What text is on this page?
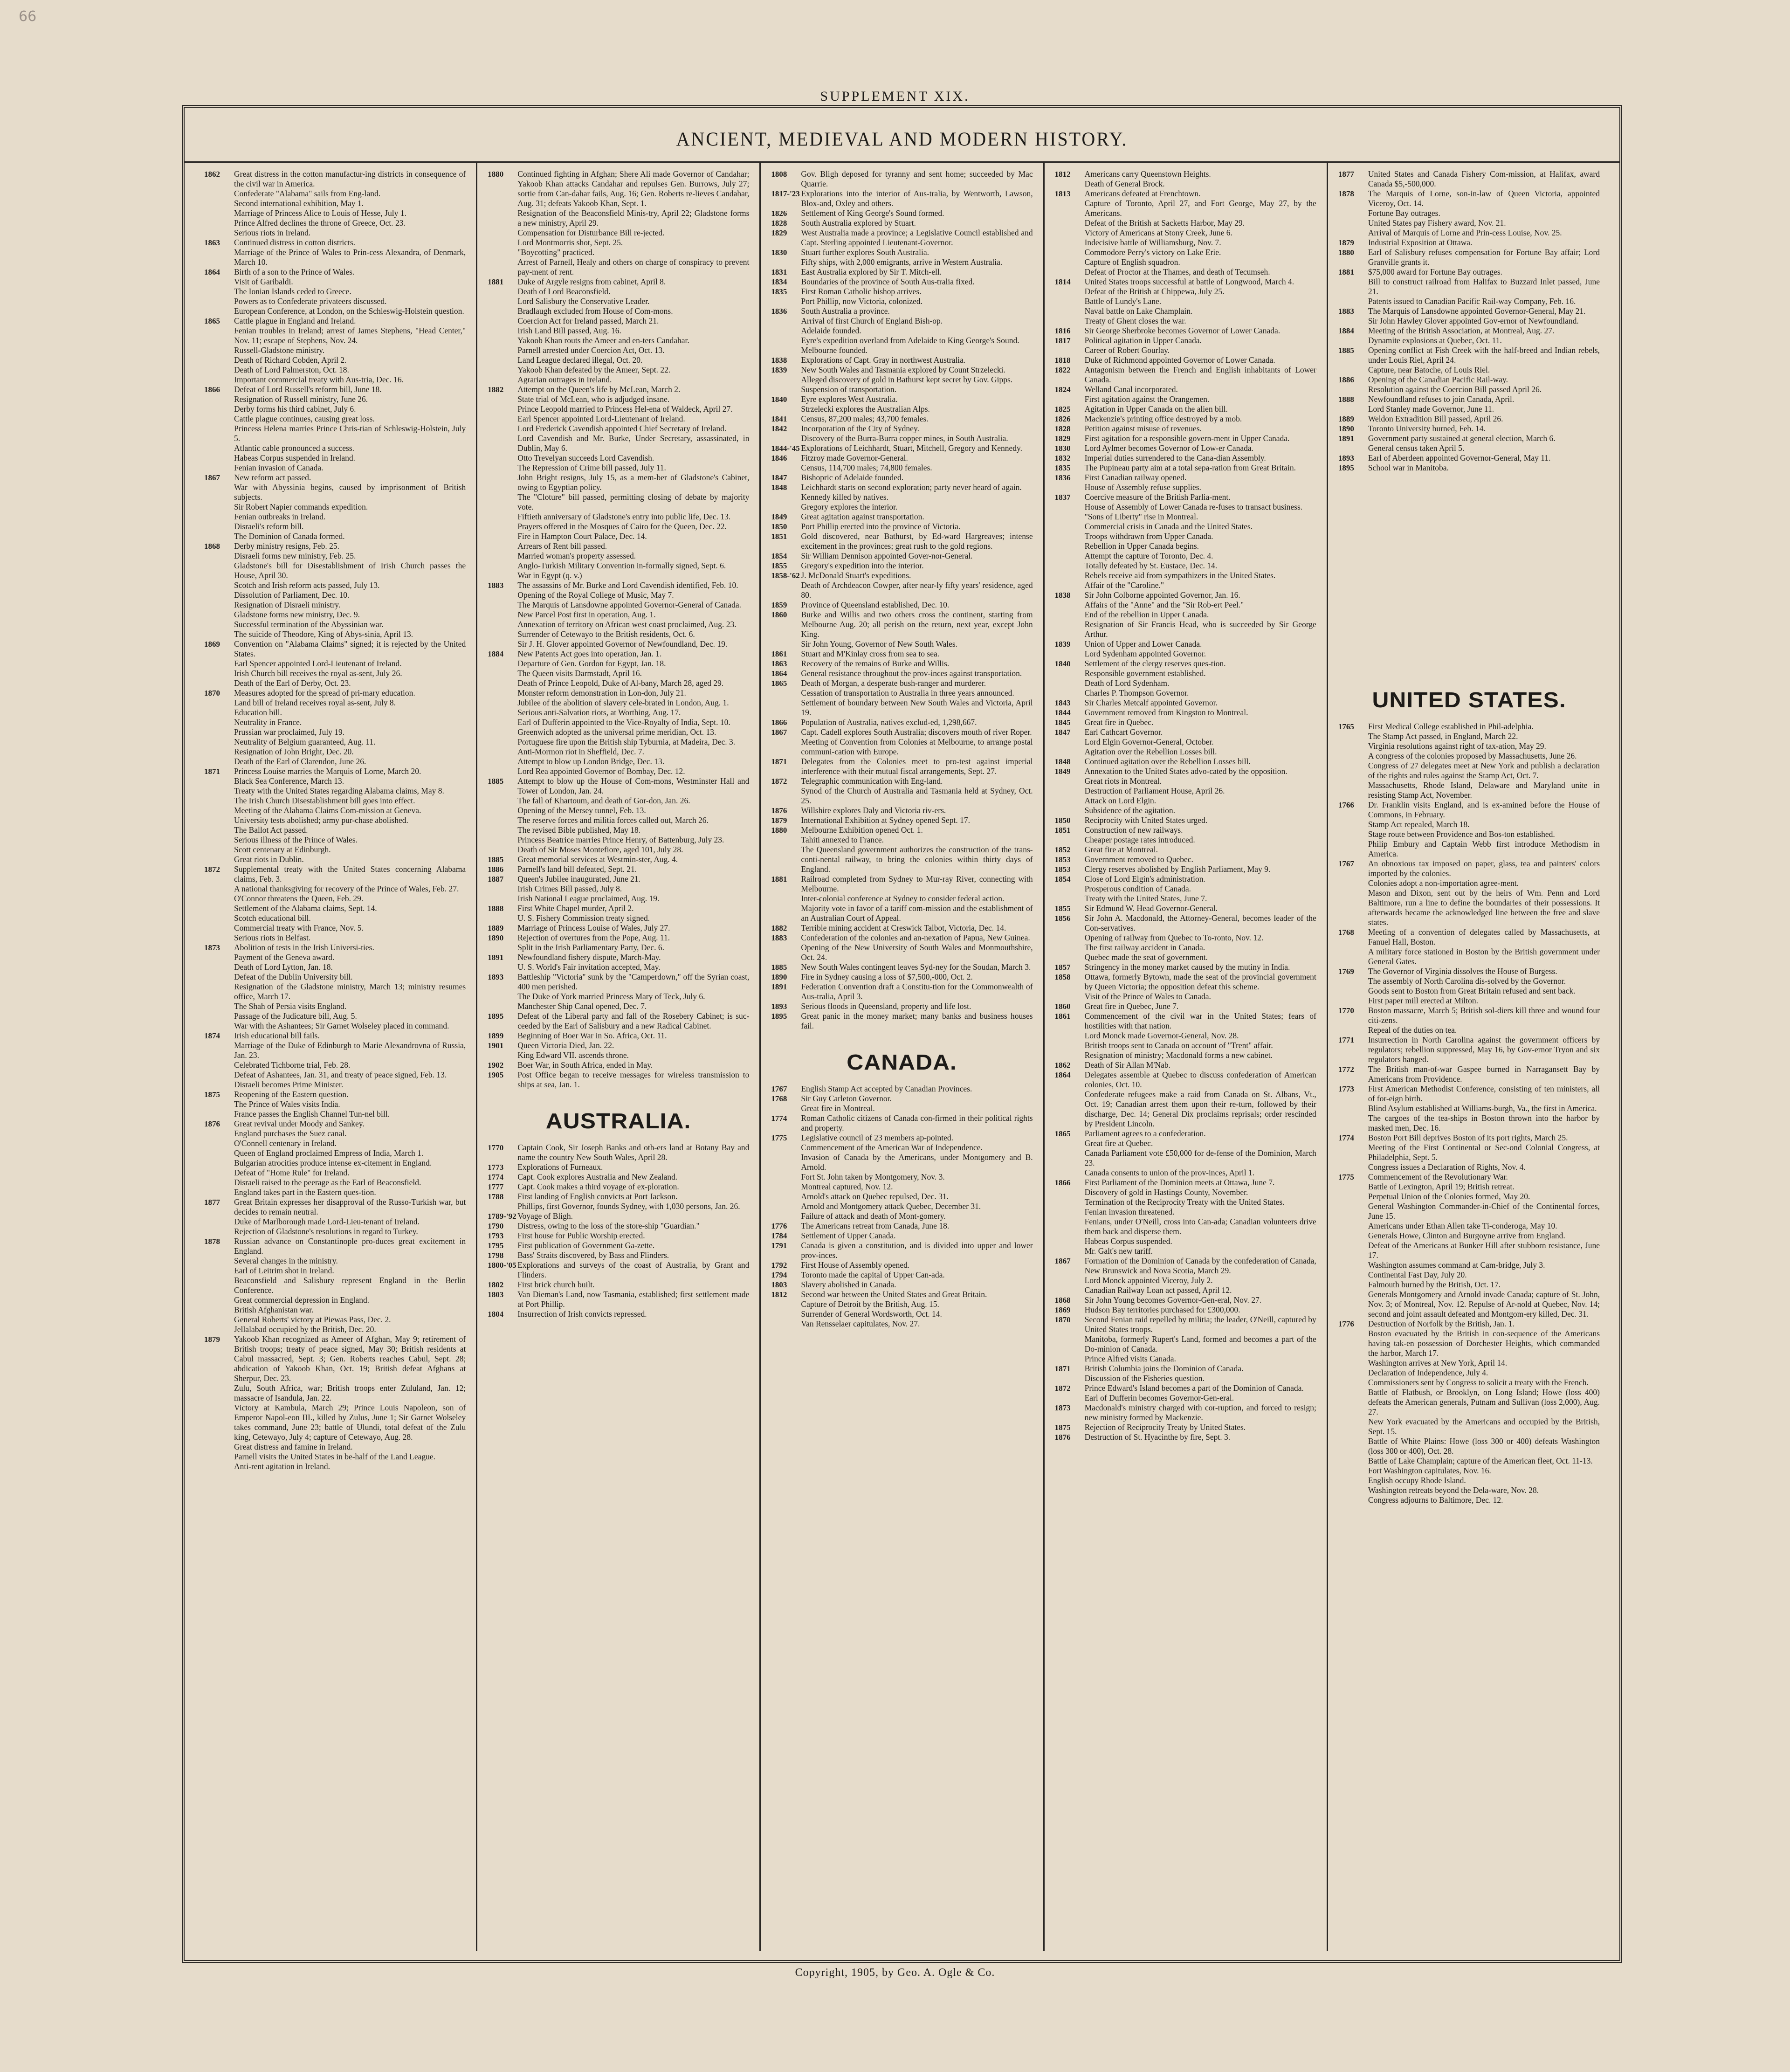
66
SUPPLEMENT XIX.
ANCIENT, MEDIEVAL AND MODERN HISTORY.
1862	Great distress in the cotton manufactur-ing districts in consequence of the civil war in America.
Confederate "Alabama" sails from Eng-land.
Second international exhibition, May 1.
Marriage of Princess Alice to Louis of Hesse, July 1.
Prince Alfred declines the throne of Greece, Oct. 23.
Serious riots in Ireland.
1863	Continued distress in cotton districts.
Marriage of the Prince of Wales to Prin-cess Alexandra, of Denmark, March 10.
1864	Birth of a son to the Prince of Wales.
Visit of Garibaldi.
The Ionian Islands ceded to Greece.
Powers as to Confederate privateers discussed.
European Conference, at London, on the Schleswig-Holstein question.
1865	Cattle plague in England and Ireland.
Fenian troubles in Ireland; arrest of James Stephens, "Head Center," Nov. 11; escape of Stephens, Nov. 24.
Russell-Gladstone ministry.
Death of Richard Cobden, April 2.
Death of Lord Palmerston, Oct. 18.
Important commercial treaty with Aus-tria, Dec. 16.
1866	Defeat of Lord Russell's reform bill, June 18.
Resignation of Russell ministry, June 26.
Derby forms his third cabinet, July 6.
Cattle plague continues, causing great loss.
Princess Helena marries Prince Chris-tian of Schleswig-Holstein, July 5.
Atlantic cable pronounced a success.
Habeas Corpus suspended in Ireland.
Fenian invasion of Canada.
1867	New reform act passed.
War with Abyssinia begins, caused by imprisonment of British subjects.
Sir Robert Napier commands expedition.
Fenian outbreaks in Ireland.
Disraeli's reform bill.
The Dominion of Canada formed.
1868	Derby ministry resigns, Feb. 25.
Disraeli forms new ministry, Feb. 25.
Gladstone's bill for Disestablishment of Irish Church passes the House, April 30.
Scotch and Irish reform acts passed, July 13.
Dissolution of Parliament, Dec. 10.
Resignation of Disraeli ministry.
Gladstone forms new ministry, Dec. 9.
Successful termination of the Abyssinian war.
The suicide of Theodore, King of Abys-sinia, April 13.
1869	Convention on "Alabama Claims" signed; it is rejected by the United States.
Earl Spencer appointed Lord-Lieutenant of Ireland.
Irish Church bill receives the royal as-sent, July 26.
Death of the Earl of Derby, Oct. 23.
1870	Measures adopted for the spread of pri-mary education.
Land bill of Ireland receives royal as-sent, July 8.
Education bill.
Neutrality in France.
Prussian war proclaimed, July 19.
Neutrality of Belgium guaranteed, Aug. 11.
Resignation of John Bright, Dec. 20.
Death of the Earl of Clarendon, June 26.
1871	Princess Louise marries the Marquis of Lorne, March 20.
Black Sea Conference, March 13.
Treaty with the United States regarding Alabama claims, May 8.
The Irish Church Disestablishment bill goes into effect.
Meeting of the Alabama Claims Com-mission at Geneva.
University tests abolished; army pur-chase abolished.
The Ballot Act passed.
Serious illness of the Prince of Wales.
Scott centenary at Edinburgh.
Great riots in Dublin.
1872	Supplemental treaty with the United States concerning Alabama claims, Feb. 3.
A national thanksgiving for recovery of the Prince of Wales, Feb. 27.
O'Connor threatens the Queen, Feb. 29.
Settlement of the Alabama claims, Sept. 14.
Scotch educational bill.
Commercial treaty with France, Nov. 5.
Serious riots in Belfast.
1873	Abolition of tests in the Irish Universi-ties.
Payment of the Geneva award.
Death of Lord Lytton, Jan. 18.
Defeat of the Dublin University bill.
Resignation of the Gladstone ministry, March 13; ministry resumes office, March 17.
The Shah of Persia visits England.
Passage of the Judicature bill, Aug. 5.
War with the Ashantees; Sir Garnet Wolseley placed in command.
1874	Irish educational bill fails.
Marriage of the Duke of Edinburgh to Marie Alexandrovna of Russia, Jan. 23.
Celebrated Tichborne trial, Feb. 28.
Defeat of Ashantees, Jan. 31, and treaty of peace signed, Feb. 13.
Disraeli becomes Prime Minister.
1875	Reopening of the Eastern question.
The Prince of Wales visits India.
France passes the English Channel Tun-nel bill.
1876	Great revival under Moody and Sankey.
England purchases the Suez canal.
O'Connell centenary in Ireland.
Queen of England proclaimed Empress of India, March 1.
Bulgarian atrocities produce intense ex-citement in England.
Defeat of "Home Rule" for Ireland.
Disraeli raised to the peerage as the Earl of Beaconsfield.
England takes part in the Eastern ques-tion.
1877	Great Britain expresses her disapproval of the Russo-Turkish war, but decides to remain neutral.
Duke of Marlborough made Lord-Lieu-tenant of Ireland.
Rejection of Gladstone's resolutions in regard to Turkey.
1878	Russian advance on Constantinople pro-duces great excitement in England.
Several changes in the ministry.
Earl of Leitrim shot in Ireland.
Beaconsfield and Salisbury represent England in the Berlin Conference.
Great commercial depression in England.
British Afghanistan war.
General Roberts' victory at Piewas Pass, Dec. 2.
Jellalabad occupied by the British, Dec. 20.
1879	Yakoob Khan recognized as Ameer of Afghan, May 9; retirement of British troops; treaty of peace signed, May 30; British residents at Cabul massacred, Sept. 3; Gen. Roberts reaches Cabul, Sept. 28; abdication of Yakoob Khan, Oct. 19; British defeat Afghans at Sherpur, Dec. 23.
Zulu, South Africa, war; British troops enter Zululand, Jan. 12; massacre of Isandula, Jan. 22.
Victory at Kambula, March 29; Prince Louis Napoleon, son of Emperor Napol-eon III., killed by Zulus, June 1; Sir Garnet Wolseley takes command, June 23; battle of Ulundi, total defeat of the Zulu king, Cetewayo, July 4; capture of Cetewayo, Aug. 28.
Great distress and famine in Ireland.
Parnell visits the United States in be-half of the Land League.
Anti-rent agitation in Ireland.
1880	Continued fighting in Afghan; Shere Ali made Governor of Candahar; Yakoob Khan attacks Candahar and repulses Gen. Burrows, July 27; sortie from Can-dahar fails, Aug. 16; Gen. Roberts re-lieves Candahar, Aug. 31; defeats Yakoob Khan, Sept. 1.
Resignation of the Beaconsfield Minis-try, April 22; Gladstone forms a new ministry, April 29.
Compensation for Disturbance Bill re-jected.
Lord Montmorris shot, Sept. 25.
"Boycotting" practiced.
Arrest of Parnell, Healy and others on charge of conspiracy to prevent pay-ment of rent.
1881	Duke of Argyle resigns from cabinet, April 8.
Death of Lord Beaconsfield.
Lord Salisbury the Conservative Leader.
Bradlaugh excluded from House of Com-mons.
Coercion Act for Ireland passed, March 21.
Irish Land Bill passed, Aug. 16.
Yakoob Khan routs the Ameer and en-ters Candahar.
Parnell arrested under Coercion Act, Oct. 13.
Land League declared illegal, Oct. 20.
Yakoob Khan defeated by the Ameer, Sept. 22.
Agrarian outrages in Ireland.
1882	Attempt on the Queen's life by McLean, March 2.
State trial of McLean, who is adjudged insane.
Prince Leopold married to Princess Hel-ena of Waldeck, April 27.
Earl Spencer appointed Lord-Lieutenant of Ireland.
Lord Frederick Cavendish appointed Chief Secretary of Ireland.
Lord Cavendish and Mr. Burke, Under Secretary, assassinated, in Dublin, May 6.
Otto Trevelyan succeeds Lord Cavendish.
The Repression of Crime bill passed, July 11.
John Bright resigns, July 15, as a mem-ber of Gladstone's Cabinet, owing to Egyptian policy.
The "Cloture" bill passed, permitting closing of debate by majority vote.
Fiftieth anniversary of Gladstone's entry into public life, Dec. 13.
Prayers offered in the Mosques of Cairo for the Queen, Dec. 22.
Fire in Hampton Court Palace, Dec. 14.
Arrears of Rent bill passed.
Married woman's property assessed.
Anglo-Turkish Military Convention in-formally signed, Sept. 6.
War in Egypt (q. v.)
1883	The assassins of Mr. Burke and Lord Cavendish identified, Feb. 10.
Opening of the Royal College of Music, May 7.
The Marquis of Lansdowne appointed Governor-General of Canada.
New Parcel Post first in operation, Aug. 1.
Annexation of territory on African west coast proclaimed, Aug. 23.
Surrender of Cetewayo to the British residents, Oct. 6.
Sir J. H. Glover appointed Governor of Newfoundland, Dec. 19.
1884	New Patents Act goes into operation, Jan. 1.
Departure of Gen. Gordon for Egypt, Jan. 18.
The Queen visits Darmstadt, April 16.
Death of Prince Leopold, Duke of Al-bany, March 28, aged 29.
Monster reform demonstration in Lon-don, July 21.
Jubilee of the abolition of slavery cele-brated in London, Aug. 1.
Serious anti-Salvation riots, at Worthing, Aug. 17.
Earl of Dufferin appointed to the Vice-Royalty of India, Sept. 10.
Greenwich adopted as the universal prime meridian, Oct. 13.
Portuguese fire upon the British ship Tyburnia, at Madeira, Dec. 3.
Anti-Mormon riot in Sheffield, Dec. 7.
Attempt to blow up London Bridge, Dec. 13.
Lord Rea appointed Governor of Bombay, Dec. 12.
1885	Attempt to blow up the House of Com-mons, Westminster Hall and Tower of London, Jan. 24.
The fall of Khartoum, and death of Gor-don, Jan. 26.
Opening of the Mersey tunnel, Feb. 13.
The reserve forces and militia forces called out, March 26.
The revised Bible published, May 18.
Princess Beatrice marries Prince Henry, of Battenburg, July 23.
Death of Sir Moses Montefiore, aged 101, July 28.
1885	Great memorial services at Westmin-ster, Aug. 4.
1886	Parnell's land bill defeated, Sept. 21.
1887	Queen's Jubilee inaugurated, June 21.
Irish Crimes Bill passed, July 8.
Irish National League proclaimed, Aug. 19.
1888	First White Chapel murder, April 2.
U. S. Fishery Commission treaty signed.
1889	Marriage of Princess Louise of Wales, July 27.
1890	Rejection of overtures from the Pope, Aug. 11.
Split in the Irish Parliamentary Party, Dec. 6.
1891	Newfoundland fishery dispute, March-May.
U. S. World's Fair invitation accepted, May.
1893	Battleship "Victoria" sunk by the "Camperdown," off the Syrian coast, 400 men perished.
The Duke of York married Princess Mary of Teck, July 6.
Manchester Ship Canal opened, Dec. 7.
1895	Defeat of the Liberal party and fall of the Rosebery Cabinet; is suc-ceeded by the Earl of Salisbury and a new Radical Cabinet.
1899	Beginning of Boer War in So. Africa, Oct. 11.
1901	Queen Victoria Died, Jan. 22.
King Edward VII. ascends throne.
1902	Boer War, in South Africa, ended in May.
1905	Post Office began to receive messages for wireless transmission to ships at sea, Jan. 1.
AUSTRALIA.
1770	Captain Cook, Sir Joseph Banks and oth-ers land at Botany Bay and name the country New South Wales, April 28.
1773	Explorations of Furneaux.
1774	Capt. Cook explores Australia and New Zealand.
1777	Capt. Cook makes a third voyage of ex-ploration.
1788	First landing of English convicts at Port Jackson.
Phillips, first Governor, founds Sydney, with 1,030 persons, Jan. 26.
1789-'92 Voyage of Bligh.
1790	Distress, owing to the loss of the store-ship "Guardian."
1793	First house for Public Worship erected.
1795	First publication of Government Ga-zette.
1798	Bass' Straits discovered, by Bass and Flinders.
1800-'05 Explorations and surveys of the coast of Australia, by Grant and Flinders.
1802	First brick church built.
1803	Van Dieman's Land, now Tasmania, established; first settlement made at Port Phillip.
1804	Insurrection of Irish convicts repressed.
1808	Gov. Bligh deposed for tyranny and sent home; succeeded by Mac Quarrie.
1817-'23 Explorations into the interior of Aus-tralia, by Wentworth, Lawson, Blox-and, Oxley and others.
1826	Settlement of King George's Sound formed.
1828	South Australia explored by Stuart.
1829	West Australia made a province; a Legislative Council established and Capt. Sterling appointed Lieutenant-Governor.
1830	Stuart further explores South Australia.
Fifty ships, with 2,000 emigrants, arrive in Western Australia.
1831	East Australia explored by Sir T. Mitch-ell.
1834	Boundaries of the province of South Aus-tralia fixed.
1835	First Roman Catholic bishop arrives.
Port Phillip, now Victoria, colonized.
1836	South Australia a province.
Arrival of first Church of England Bish-op.
Adelaide founded.
Eyre's expedition overland from Adelaide to King George's Sound.
Melbourne founded.
1838	Explorations of Capt. Gray in northwest Australia.
1839	New South Wales and Tasmania explored by Count Strzelecki.
Alleged discovery of gold in Bathurst kept secret by Gov. Gipps.
Suspension of transportation.
1840	Eyre explores West Australia.
Strzelecki explores the Australian Alps.
1841	Census, 87,200 males; 43,700 females.
1842	Incorporation of the City of Sydney.
Discovery of the Burra-Burra copper mines, in South Australia.
1844-'45 Explorations of Leichhardt, Stuart, Mitchell, Gregory and Kennedy.
1846	Fitzroy made Governor-General.
Census, 114,700 males; 74,800 females.
1847	Bishopric of Adelaide founded.
1848	Leichhardt starts on second exploration; party never heard of again.
Kennedy killed by natives.
Gregory explores the interior.
1849	Great agitation against transportation.
1850	Port Phillip erected into the province of Victoria.
1851	Gold discovered, near Bathurst, by Ed-ward Hargreaves; intense excitement in the provinces; great rush to the gold regions.
1854	Sir William Dennison appointed Gover-nor-General.
1855	Gregory's expedition into the interior.
1858-'62 J. McDonald Stuart's expeditions.
Death of Archdeacon Cowper, after near-ly fifty years' residence, aged 80.
1859	Province of Queensland established, Dec. 10.
1860	Burke and Willis and two others cross the continent, starting from Melbourne Aug. 20; all perish on the return, next year, except John King.
Sir John Young, Governor of New South Wales.
1861	Stuart and M'Kinlay cross from sea to sea.
1863	Recovery of the remains of Burke and Willis.
1864	General resistance throughout the prov-inces against transportation.
1865	Death of Morgan, a desperate bush-ranger and murderer.
Cessation of transportation to Australia in three years announced.
Settlement of boundary between New South Wales and Victoria, April 19.
1866	Population of Australia, natives exclud-ed, 1,298,667.
1867	Capt. Cadell explores South Australia; discovers mouth of river Roper.
Meeting of Convention from Colonies at Melbourne, to arrange postal communi-cation with Europe.
1871	Delegates from the Colonies meet to pro-test against imperial interference with their mutual fiscal arrangements, Sept. 27.
1872	Telegraphic communication with Eng-land.
Synod of the Church of Australia and Tasmania held at Sydney, Oct. 25.
1876	Willshire explores Daly and Victoria riv-ers.
1879	International Exhibition at Sydney opened Sept. 17.
1880	Melbourne Exhibition opened Oct. 1.
Tahiti annexed to France.
The Queensland government authorizes the construction of the trans-conti-nental railway, to bring the colonies within thirty days of England.
1881	Railroad completed from Sydney to Mur-ray River, connecting with Melbourne.
Inter-colonial conference at Sydney to consider federal action.
Majority vote in favor of a tariff com-mission and the establishment of an Australian Court of Appeal.
1882	Terrible mining accident at Creswick Talbot, Victoria, Dec. 14.
1883	Confederation of the colonies and an-nexation of Papua, New Guinea.
Opening of the New University of South Wales and Monmouthshire, Oct. 24.
1885	New South Wales contingent leaves Syd-ney for the Soudan, March 3.
1890	Fire in Sydney causing a loss of $7,500,-000, Oct. 2.
1891	Federation Convention draft a Constitu-tion for the Commonwealth of Aus-tralia, April 3.
1893	Serious floods in Queensland, property and life lost.
1895	Great panic in the money market; many banks and business houses fail.
CANADA.
1767	English Stamp Act accepted by Canadian Provinces.
1768	Sir Guy Carleton Governor.
Great fire in Montreal.
1774	Roman Catholic citizens of Canada con-firmed in their political rights and property.
1775	Legislative council of 23 members ap-pointed.
Commencement of the American War of Independence.
Invasion of Canada by the Americans, under Montgomery and B. Arnold.
Fort St. John taken by Montgomery, Nov. 3.
Montreal captured, Nov. 12.
Arnold's attack on Quebec repulsed, Dec. 31.
Arnold and Montgomery attack Quebec, December 31.
Failure of attack and death of Mont-gomery.
1776	The Americans retreat from Canada, June 18.
1784	Settlement of Upper Canada.
1791	Canada is given a constitution, and is divided into upper and lower prov-inces.
1792	First House of Assembly opened.
1794	Toronto made the capital of Upper Can-ada.
1803	Slavery abolished in Canada.
1812	Second war between the United States and Great Britain.
Capture of Detroit by the British, Aug. 15.
Surrender of General Wordsworth, Oct. 14.
Van Rensselaer capitulates, Nov. 27.
1812	Americans carry Queenstown Heights.
Death of General Brock.
1813	Americans defeated at Frenchtown.
Capture of Toronto, April 27, and Fort George, May 27, by the Americans.
Defeat of the British at Sacketts Harbor, May 29.
Victory of Americans at Stony Creek, June 6.
Indecisive battle of Williamsburg, Nov. 7.
Commodore Perry's victory on Lake Erie.
Capture of English squadron.
Defeat of Proctor at the Thames, and death of Tecumseh.
1814	United States troops successful at battle of Longwood, March 4.
Defeat of the British at Chippewa, July 25.
Battle of Lundy's Lane.
Naval battle on Lake Champlain.
Treaty of Ghent closes the war.
1816	Sir George Sherbroke becomes Governor of Lower Canada.
1817	Political agitation in Upper Canada.
Career of Robert Gourlay.
1818	Duke of Richmond appointed Governor of Lower Canada.
1822	Antagonism between the French and English inhabitants of Lower Canada.
1824	Welland Canal incorporated.
First agitation against the Orangemen.
1825	Agitation in Upper Canada on the alien bill.
1826	Mackenzie's printing office destroyed by a mob.
1828	Petition against misuse of revenues.
1829	First agitation for a responsible govern-ment in Upper Canada.
1830	Lord Aylmer becomes Governor of Low-er Canada.
1832	Imperial duties surrendered to the Cana-dian Assembly.
1835	The Pupineau party aim at a total sepa-ration from Great Britain.
1836	First Canadian railway opened.
House of Assembly refuse supplies.
1837	Coercive measure of the British Parlia-ment.
House of Assembly of Lower Canada re-fuses to transact business.
"Sons of Liberty" rise in Montreal.
Commercial crisis in Canada and the United States.
Troops withdrawn from Upper Canada.
Rebellion in Upper Canada begins.
Attempt the capture of Toronto, Dec. 4.
Totally defeated by St. Eustace, Dec. 14.
Rebels receive aid from sympathizers in the United States.
Affair of the "Caroline."
1838	Sir John Colborne appointed Governor, Jan. 16.
Affairs of the "Anne" and the "Sir Rob-ert Peel."
End of the rebellion in Upper Canada.
Resignation of Sir Francis Head, who is succeeded by Sir George Arthur.
1839	Union of Upper and Lower Canada.
Lord Sydenham appointed Governor.
1840	Settlement of the clergy reserves ques-tion.
Responsible government established.
Death of Lord Sydenham.
Charles P. Thompson Governor.
1843	Sir Charles Metcalf appointed Governor.
1844	Government removed from Kingston to Montreal.
1845	Great fire in Quebec.
1847	Earl Cathcart Governor.
Lord Elgin Governor-General, October.
Agitation over the Rebellion Losses bill.
1848	Continued agitation over the Rebellion Losses bill.
1849	Annexation to the United States advo-cated by the opposition.
Great riots in Montreal.
Destruction of Parliament House, April 26.
Attack on Lord Elgin.
Subsidence of the agitation.
1850	Reciprocity with United States urged.
1851	Construction of new railways.
Cheaper postage rates introduced.
1852	Great fire at Montreal.
1853	Government removed to Quebec.
1853	Clergy reserves abolished by English Parliament, May 9.
1854	Close of Lord Elgin's administration.
Prosperous condition of Canada.
Treaty with the United States, June 7.
1855	Sir Edmund W. Head Governor-General.
1856	Sir John A. Macdonald, the Attorney-General, becomes leader of the Con-servatives.
Opening of railway from Quebec to To-ronto, Nov. 12.
The first railway accident in Canada.
Quebec made the seat of government.
1857	Stringency in the money market caused by the mutiny in India.
1858	Ottawa, formerly Bytown, made the seat of the provincial government by Queen Victoria; the opposition defeat this scheme.
Visit of the Prince of Wales to Canada.
1860	Great fire in Quebec, June 7.
1861	Commencement of the civil war in the United States; fears of hostilities with that nation.
Lord Monck made Governor-General, Nov. 28.
British troops sent to Canada on account of "Trent" affair.
Resignation of ministry; Macdonald forms a new cabinet.
1862	Death of Sir Allan M'Nab.
1864	Delegates assemble at Quebec to discuss confederation of American colonies, Oct. 10.
Confederate refugees make a raid from Canada on St. Albans, Vt., Oct. 19; Canadian arrest them upon their re-turn, followed by their discharge, Dec. 14; General Dix proclaims reprisals; order rescinded by President Lincoln.
1865	Parliament agrees to a confederation.
Great fire at Quebec.
Canada Parliament vote £50,000 for de-fense of the Dominion, March 23.
Canada consents to union of the prov-inces, April 1.
1866	First Parliament of the Dominion meets at Ottawa, June 7.
Discovery of gold in Hastings County, November.
Termination of the Reciprocity Treaty with the United States.
Fenian invasion threatened.
Fenians, under O'Neill, cross into Can-ada; Canadian volunteers drive them back and disperse them.
Habeas Corpus suspended.
Mr. Galt's new tariff.
1867	Formation of the Dominion of Canada by the confederation of Canada, New Brunswick and Nova Scotia, March 29.
Lord Monck appointed Viceroy, July 2.
Canadian Railway Loan act passed, April 12.
1868	Sir John Young becomes Governor-Gen-eral, Nov. 27.
1869	Hudson Bay territories purchased for £300,000.
1870	Second Fenian raid repelled by militia; the leader, O'Neill, captured by United States troops.
Manitoba, formerly Rupert's Land, formed and becomes a part of the Do-minion of Canada.
Prince Alfred visits Canada.
1871	British Columbia joins the Dominion of Canada.
Discussion of the Fisheries question.
1872	Prince Edward's Island becomes a part of the Dominion of Canada.
Earl of Dufferin becomes Governor-Gen-eral.
1873	Macdonald's ministry charged with cor-ruption, and forced to resign; new ministry formed by Mackenzie.
1875	Rejection of Reciprocity Treaty by United States.
1876	Destruction of St. Hyacinthe by fire, Sept. 3.
1877	United States and Canada Fishery Com-mission, at Halifax, award Canada $5,-500,000.
1878	The Marquis of Lorne, son-in-law of Queen Victoria, appointed Viceroy, Oct. 14.
Fortune Bay outrages.
United States pay Fishery award, Nov. 21.
Arrival of Marquis of Lorne and Prin-cess Louise, Nov. 25.
1879	Industrial Exposition at Ottawa.
1880	Earl of Salisbury refuses compensation for Fortune Bay affair; Lord Granville grants it.
1881	$75,000 award for Fortune Bay outrages.
Bill to construct railroad from Halifax to Buzzard Inlet passed, June 21.
Patents issued to Canadian Pacific Rail-way Company, Feb. 16.
1883	The Marquis of Lansdowne appointed Governor-General, May 21.
Sir John Hawley Glover appointed Gov-ernor of Newfoundland.
1884	Meeting of the British Association, at Montreal, Aug. 27.
Dynamite explosions at Quebec, Oct. 11.
1885	Opening conflict at Fish Creek with the half-breed and Indian rebels, under Louis Riel, April 24.
Capture, near Batoche, of Louis Riel.
1886	Opening of the Canadian Pacific Rail-way.
Resolution against the Coercion Bill passed April 26.
1888	Newfoundland refuses to join Canada, April.
Lord Stanley made Governor, June 11.
1889	Weldon Extradition Bill passed, April 26.
1890	Toronto University burned, Feb. 14.
1891	Government party sustained at general election, March 6.
General census taken April 5.
1893	Earl of Aberdeen appointed Governor-General, May 11.
1895	School war in Manitoba.
UNITED STATES.
1765	First Medical College established in Phil-adelphia.
The Stamp Act passed, in England, March 22.
Virginia resolutions against right of tax-ation, May 29.
A congress of the colonies proposed by Massachusetts, June 26.
Congress of 27 delegates meet at New York and publish a declaration of the rights and rules against the Stamp Act, Oct. 7.
Massachusetts, Rhode Island, Delaware and Maryland unite in resisting Stamp Act, November.
1766	Dr. Franklin visits England, and is ex-amined before the House of Commons, in February.
Stamp Act repealed, March 18.
Stage route between Providence and Bos-ton established.
Philip Embury and Captain Webb first introduce Methodism in America.
1767	An obnoxious tax imposed on paper, glass, tea and painters' colors imported by the colonies.
Colonies adopt a non-importation agree-ment.
Mason and Dixon, sent out by the heirs of Wm. Penn and Lord Baltimore, run a line to define the boundaries of their possessions. It afterwards became the acknowledged line between the free and slave states.
1768	Meeting of a convention of delegates called by Massachusetts, at Fanuel Hall, Boston.
A military force stationed in Boston by the British government under General Gates.
1769	The Governor of Virginia dissolves the House of Burgess.
The assembly of North Carolina dis-solved by the Governor.
Goods sent to Boston from Great Britain refused and sent back.
First paper mill erected at Milton.
1770	Boston massacre, March 5; British sol-diers kill three and wound four citi-zens.
Repeal of the duties on tea.
1771	Insurrection in North Carolina against the government officers by regulators; rebellion suppressed, May 16, by Gov-ernor Tryon and six regulators hanged.
1772	The British man-of-war Gaspee burned in Narragansett Bay by Americans from Providence.
1773	First American Methodist Conference, consisting of ten ministers, all of for-eign birth.
Blind Asylum established at Williams-burgh, Va., the first in America.
The cargoes of the tea-ships in Boston thrown into the harbor by masked men, Dec. 16.
1774	Boston Port Bill deprives Boston of its port rights, March 25.
Meeting of the First Continental or Sec-ond Colonial Congress, at Philadelphia, Sept. 5.
Congress issues a Declaration of Rights, Nov. 4.
1775	Commencement of the Revolutionary War.
Battle of Lexington, April 19; British retreat.
Perpetual Union of the Colonies formed, May 20.
General Washington Commander-in-Chief of the Continental forces, June 15.
Americans under Ethan Allen take Ti-conderoga, May 10.
Generals Howe, Clinton and Burgoyne arrive from England.
Defeat of the Americans at Bunker Hill after stubborn resistance, June 17.
Washington assumes command at Cam-bridge, July 3.
Continental Fast Day, July 20.
Falmouth burned by the British, Oct. 17.
Generals Montgomery and Arnold invade Canada; capture of St. John, Nov. 3; of Montreal, Nov. 12. Repulse of Ar-nold at Quebec, Nov. 14; second and joint assault defeated and Montgom-ery killed, Dec. 31.
1776	Destruction of Norfolk by the British, Jan. 1.
Boston evacuated by the British in con-sequence of the Americans having tak-en possession of Dorchester Heights, which commanded the harbor, March 17.
Washington arrives at New York, April 14.
Declaration of Independence, July 4.
Commissioners sent by Congress to solicit a treaty with the French.
Battle of Flatbush, or Brooklyn, on Long Island; Howe (loss 400) defeats the American generals, Putnam and Sullivan (loss 2,000), Aug. 27.
New York evacuated by the Americans and occupied by the British, Sept. 15.
Battle of White Plains: Howe (loss 300 or 400) defeats Washington (loss 300 or 400), Oct. 28.
Battle of Lake Champlain; capture of the American fleet, Oct. 11-13.
Fort Washington capitulates, Nov. 16.
English occupy Rhode Island.
Washington retreats beyond the Dela-ware, Nov. 28.
Congress adjourns to Baltimore, Dec. 12.
Copyright, 1905, by Geo. A. Ogle & Co.
